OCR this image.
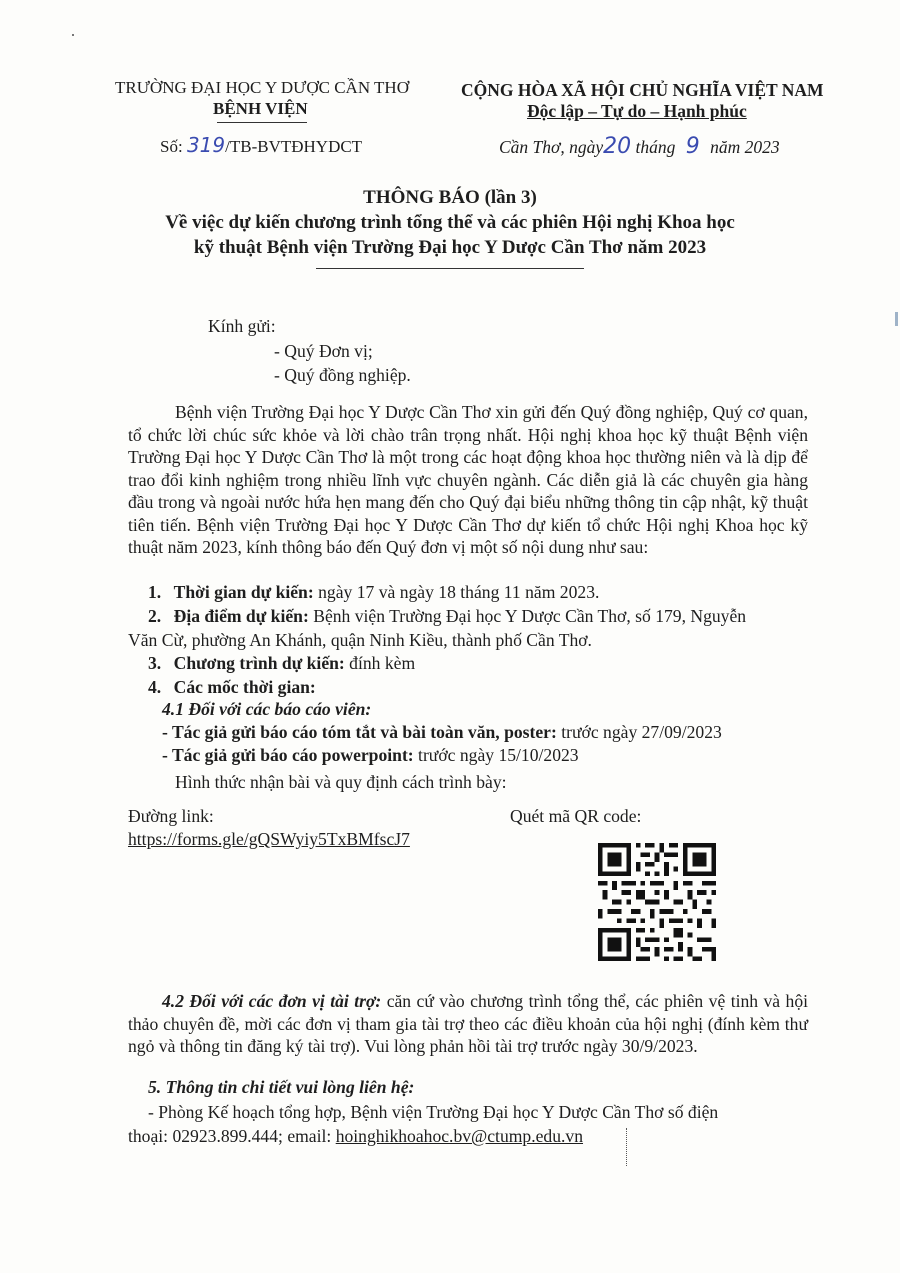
TRƯỜNG ĐẠI HỌC Y DƯỢC CẦN THƠ
BỆNH VIỆN
Số: 319/TB-BVTĐHYDCT
CỘNG HÒA XÃ HỘI CHỦ NGHĨA VIỆT NAM
Độc lập – Tự do – Hạnh phúc
Cần Thơ, ngày20 tháng 9 năm 2023
THÔNG BÁO (lần 3)
Về việc dự kiến chương trình tổng thể và các phiên Hội nghị Khoa học
kỹ thuật Bệnh viện Trường Đại học Y Dược Cần Thơ năm 2023
Kính gửi:
- Quý Đơn vị;
- Quý đồng nghiệp.
Bệnh viện Trường Đại học Y Dược Cần Thơ xin gửi đến Quý đồng nghiệp, Quý cơ quan, tổ chức lời chúc sức khỏe và lời chào trân trọng nhất. Hội nghị khoa học kỹ thuật Bệnh viện Trường Đại học Y Dược Cần Thơ là một trong các hoạt động khoa học thường niên và là dịp để trao đổi kinh nghiệm trong nhiều lĩnh vực chuyên ngành. Các diễn giả là các chuyên gia hàng đầu trong và ngoài nước hứa hẹn mang đến cho Quý đại biểu những thông tin cập nhật, kỹ thuật tiên tiến. Bệnh viện Trường Đại học Y Dược Cần Thơ dự kiến tổ chức Hội nghị Khoa học kỹ thuật năm 2023, kính thông báo đến Quý đơn vị một số nội dung như sau:
1. Thời gian dự kiến: ngày 17 và ngày 18 tháng 11 năm 2023.
2. Địa điểm dự kiến: Bệnh viện Trường Đại học Y Dược Cần Thơ, số 179, Nguyễn
Văn Cừ, phường An Khánh, quận Ninh Kiều, thành phố Cần Thơ.
3. Chương trình dự kiến: đính kèm
4. Các mốc thời gian:
4.1 Đối với các báo cáo viên:
- Tác giả gửi báo cáo tóm tắt và bài toàn văn, poster: trước ngày 27/09/2023
- Tác giả gửi báo cáo powerpoint: trước ngày 15/10/2023
Hình thức nhận bài và quy định cách trình bày:
Đường link:
https://forms.gle/gQSWyiy5TxBMfscJ7
Quét mã QR code:
4.2 Đối với các đơn vị tài trợ: căn cứ vào chương trình tổng thể, các phiên vệ tinh và hội thảo chuyên đề, mời các đơn vị tham gia tài trợ theo các điều khoản của hội nghị (đính kèm thư ngỏ và thông tin đăng ký tài trợ). Vui lòng phản hồi tài trợ trước ngày 30/9/2023.
5. Thông tin chi tiết vui lòng liên hệ:
- Phòng Kế hoạch tổng hợp, Bệnh viện Trường Đại học Y Dược Cần Thơ số điện
thoại: 02923.899.444; email: hoinghikhoahoc.bv@ctump.edu.vn
